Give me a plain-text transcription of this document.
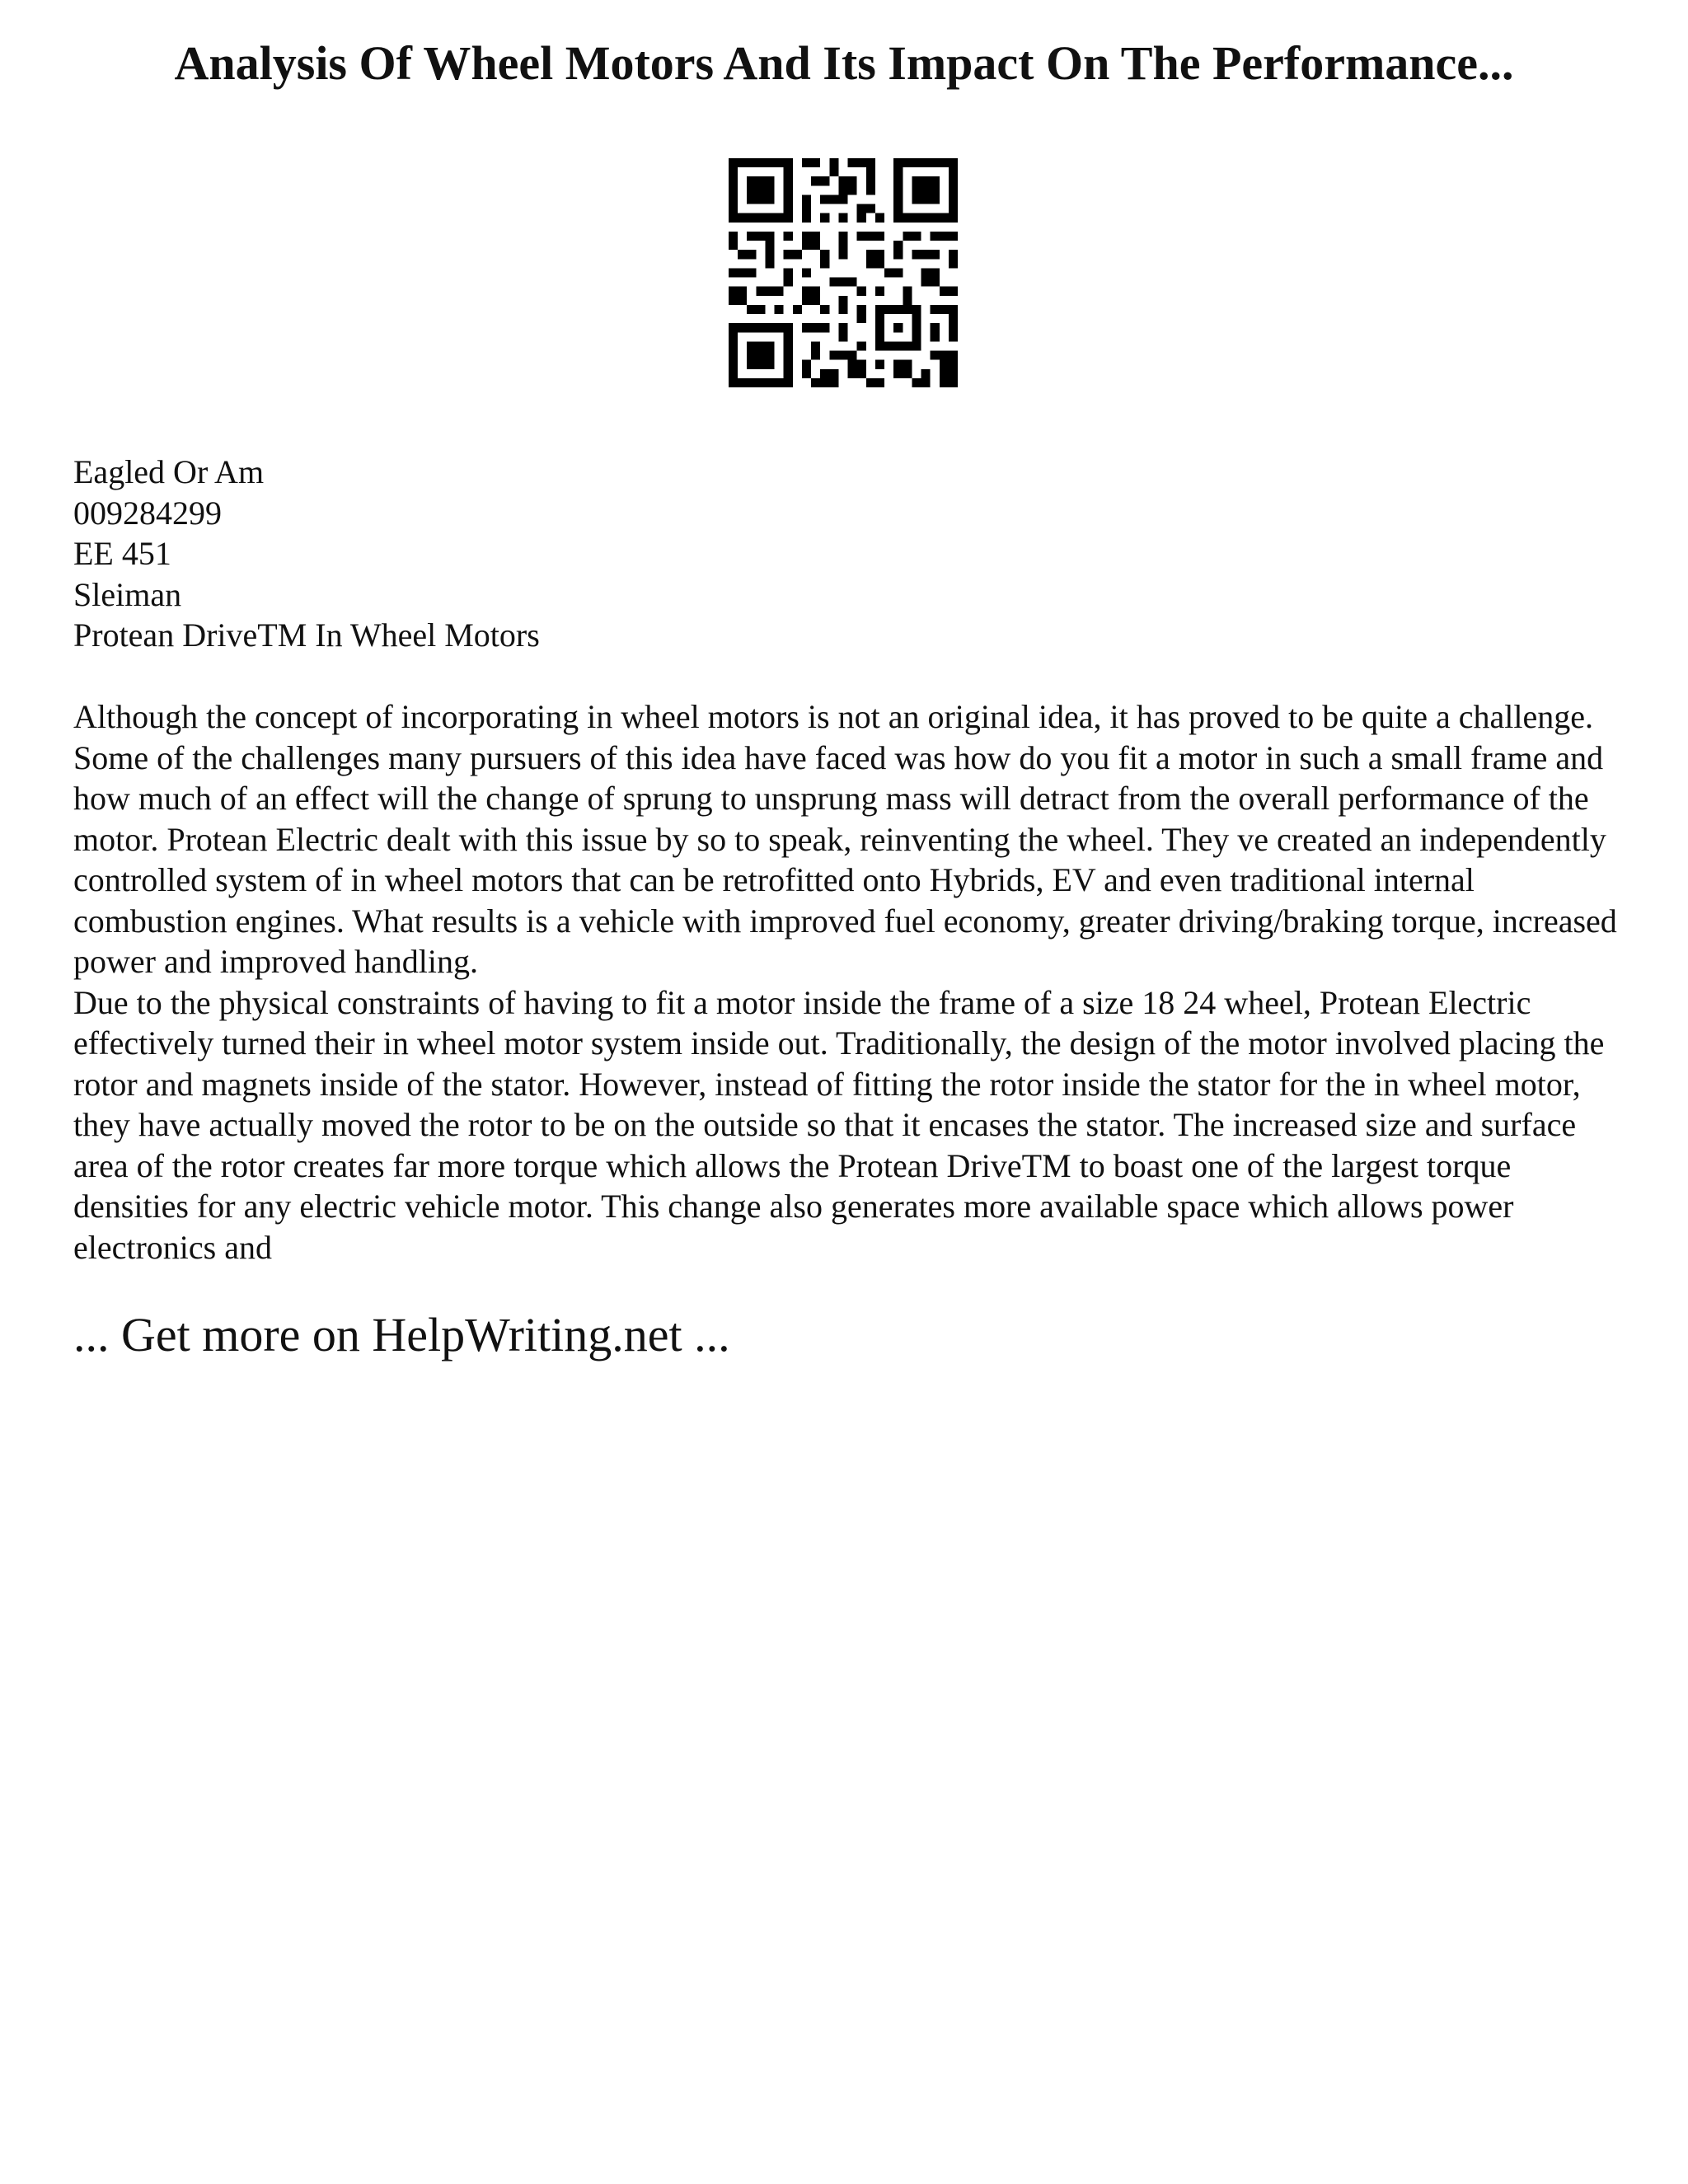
Analysis Of Wheel Motors And Its Impact On The Performance...
Eagled Or Am
009284299
EE 451
Sleiman
Protean DriveTM In Wheel Motors

Although the concept of incorporating in wheel motors is not an original idea, it has proved to be quite a challenge. Some of the challenges many pursuers of this idea have faced was how do you fit a motor in such a small frame and how much of an effect will the change of sprung to unsprung mass will detract from the overall performance of the motor. Protean Electric dealt with this issue by so to speak, reinventing the wheel. They ve created an independently controlled system of in wheel motors that can be retrofitted onto Hybrids, EV and even traditional internal combustion engines. What results is a vehicle with improved fuel economy, greater driving/braking torque, increased power and improved handling.

Due to the physical constraints of having to fit a motor inside the frame of a size 18 24 wheel, Protean Electric effectively turned their in wheel motor system inside out. Traditionally, the design of the motor involved placing the rotor and magnets inside of the stator. However, instead of fitting the rotor inside the stator for the in wheel motor, they have actually moved the rotor to be on the outside so that it encases the stator. The increased size and surface area of the rotor creates far more torque which allows the Protean DriveTM to boast one of the largest torque densities for any electric vehicle motor. This change also generates more available space which allows power electronics and

... Get more on HelpWriting.net ...
